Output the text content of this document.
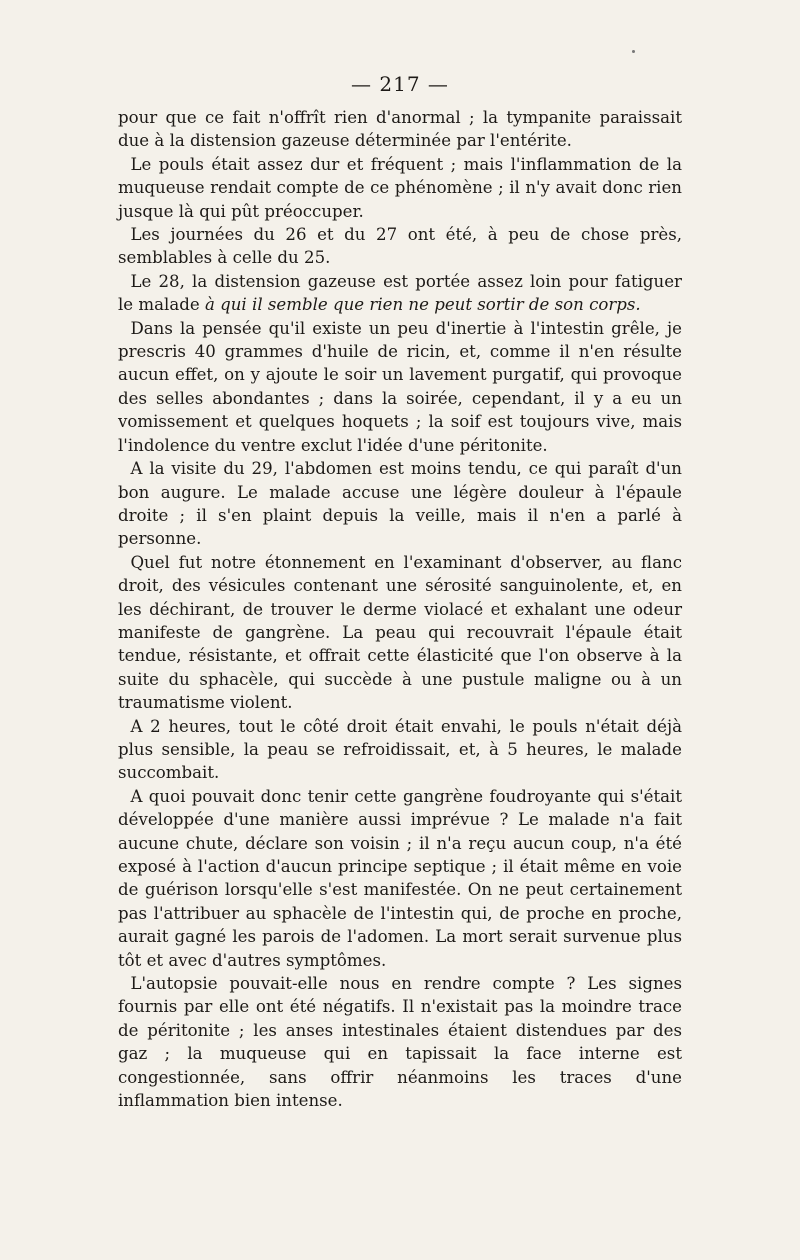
— 217 —

pour que ce fait n'offrît rien d'anormal ; la tympanite paraissait due à la distension gazeuse déterminée par l'entérite.

Le pouls était assez dur et fréquent ; mais l'inflammation de la muqueuse rendait compte de ce phénomène ; il n'y avait donc rien jusque là qui pût préoccuper.

Les journées du 26 et du 27 ont été, à peu de chose près, semblables à celle du 25.

Le 28, la distension gazeuse est portée assez loin pour fatiguer le malade à qui il semble que rien ne peut sortir de son corps.

Dans la pensée qu'il existe un peu d'inertie à l'intestin grêle, je prescris 40 grammes d'huile de ricin, et, comme il n'en résulte aucun effet, on y ajoute le soir un lavement purgatif, qui provoque des selles abondantes ; dans la soirée, cependant, il y a eu un vomissement et quelques hoquets ; la soif est toujours vive, mais l'indolence du ventre exclut l'idée d'une péritonite.

A la visite du 29, l'abdomen est moins tendu, ce qui paraît d'un bon augure. Le malade accuse une légère douleur à l'épaule droite ; il s'en plaint depuis la veille, mais il n'en a parlé à personne.

Quel fut notre étonnement en l'examinant d'observer, au flanc droit, des vésicules contenant une sérosité sanguinolente, et, en les déchirant, de trouver le derme violacé et exhalant une odeur manifeste de gangrène. La peau qui recouvrait l'épaule était tendue, résistante, et offrait cette élasticité que l'on observe à la suite du sphacèle, qui succède à une pustule maligne ou à un traumatisme violent.

A 2 heures, tout le côté droit était envahi, le pouls n'était déjà plus sensible, la peau se refroidissait, et, à 5 heures, le malade succombait.

A quoi pouvait donc tenir cette gangrène foudroyante qui s'était développée d'une manière aussi imprévue ? Le malade n'a fait aucune chute, déclare son voisin ; il n'a reçu aucun coup, n'a été exposé à l'action d'aucun principe septique ; il était même en voie de guérison lorsqu'elle s'est manifestée. On ne peut certainement pas l'attribuer au sphacèle de l'intestin qui, de proche en proche, aurait gagné les parois de l'adomen. La mort serait survenue plus tôt et avec d'autres symptômes.

L'autopsie pouvait-elle nous en rendre compte ? Les signes fournis par elle ont été négatifs. Il n'existait pas la moindre trace de péritonite ; les anses intestinales étaient distendues par des gaz ; la muqueuse qui en tapissait la face interne est congestionnée, sans offrir néanmoins les traces d'une inflammation bien intense.
